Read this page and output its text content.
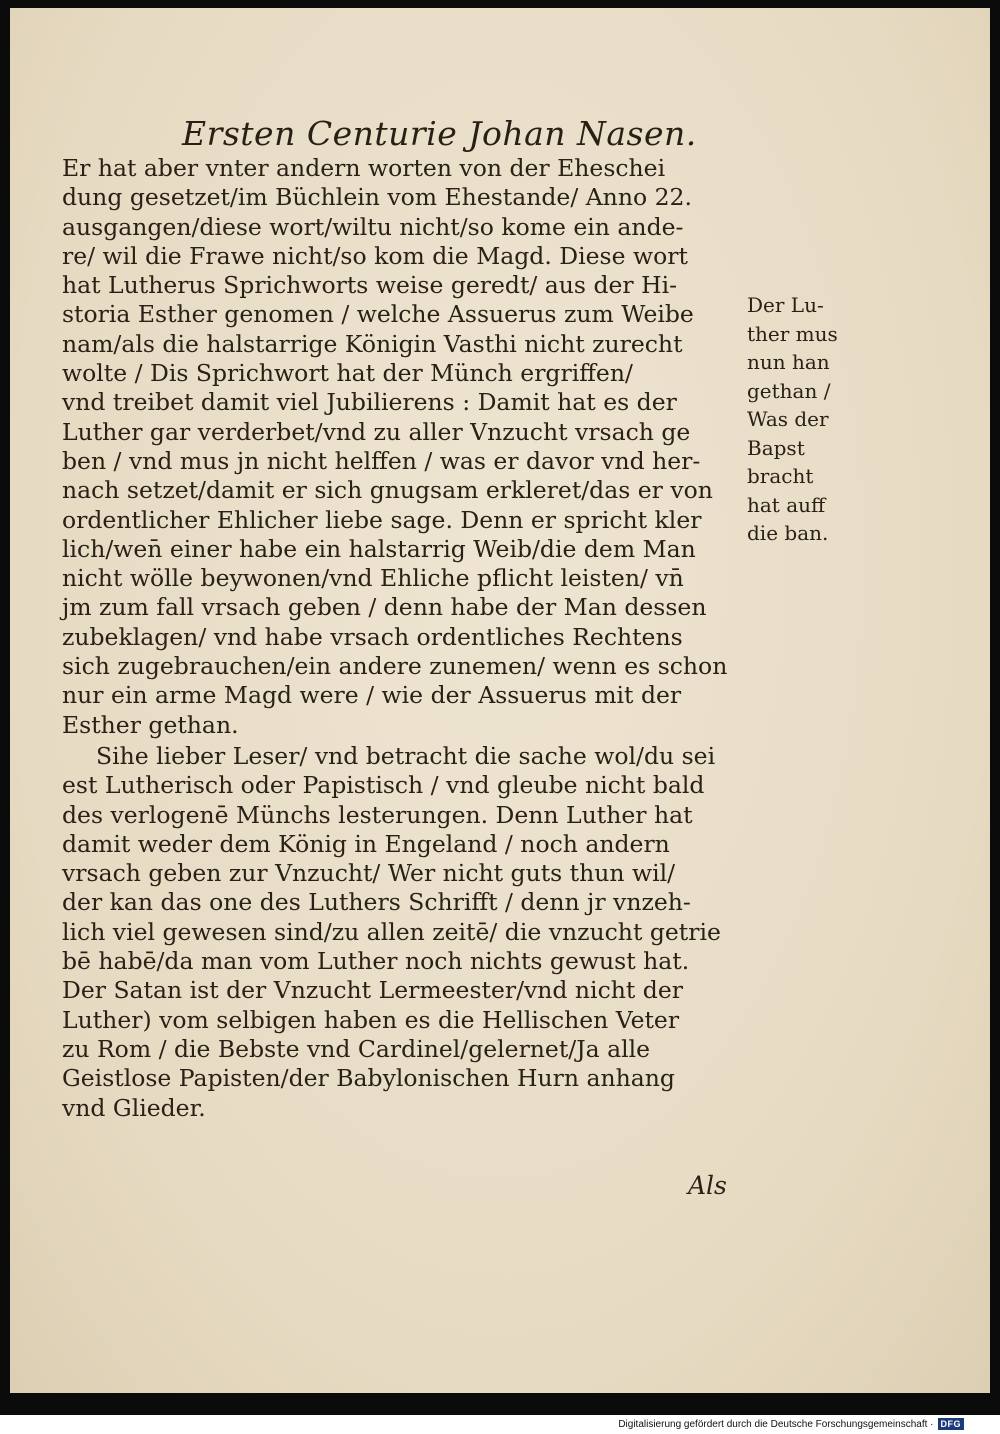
Ersten Centurie Johan Nasen.
Er hat aber vnter andern worten von der Eheschei
dung gesetzet/im Büchlein vom Ehestande/ Anno 22.
ausgangen/diese wort/wiltu nicht/so kome ein ande-
re/ wil die Frawe nicht/so kom die Magd. Diese wort
hat Lutherus Sprichworts weise geredt/ aus der Hi-
storia Esther genomen / welche Assuerus zum Weibe
nam/als die halstarrige Königin Vasthi nicht zurecht
wolte / Dis Sprichwort hat der Münch ergriffen/
vnd treibet damit viel Jubilierens : Damit hat es der
Luther gar verderbet/vnd zu aller Vnzucht vrsach ge
ben / vnd mus jn nicht helffen / was er davor vnd her-
nach setzet/damit er sich gnugsam erkleret/das er von
ordentlicher Ehlicher liebe sage. Denn er spricht kler
lich/wen̄ einer habe ein halstarrig Weib/die dem Man
nicht wölle beywonen/vnd Ehliche pflicht leisten/ vn̄
jm zum fall vrsach geben / denn habe der Man dessen
zubeklagen/ vnd habe vrsach ordentliches Rechtens
sich zugebrauchen/ein andere zunemen/ wenn es schon
nur ein arme Magd were / wie der Assuerus mit der
Esther gethan.
Sihe lieber Leser/ vnd betracht die sache wol/du sei
est Lutherisch oder Papistisch / vnd gleube nicht bald
des verlogenē Münchs lesterungen. Denn Luther hat
damit weder dem König in Engeland / noch andern
vrsach geben zur Vnzucht/ Wer nicht guts thun wil/
der kan das one des Luthers Schrifft / denn jr vnzeh-
lich viel gewesen sind/zu allen zeitē/ die vnzucht getrie
bē habē/da man vom Luther noch nichts gewust hat.
Der Satan ist der Vnzucht Lermeester/vnd nicht der
Luther) vom selbigen haben es die Hellischen Veter
zu Rom / die Bebste vnd Cardinel/gelernet/Ja alle
Geistlose Papisten/der Babylonischen Hurn anhang
vnd Glieder.
Der Lu-
ther mus
nun han
gethan /
Was der
Bapst
bracht
hat auff
die ban.
Als
Digitalisierung gefördert durch die Deutsche Forschungsgemeinschaft · DFG
